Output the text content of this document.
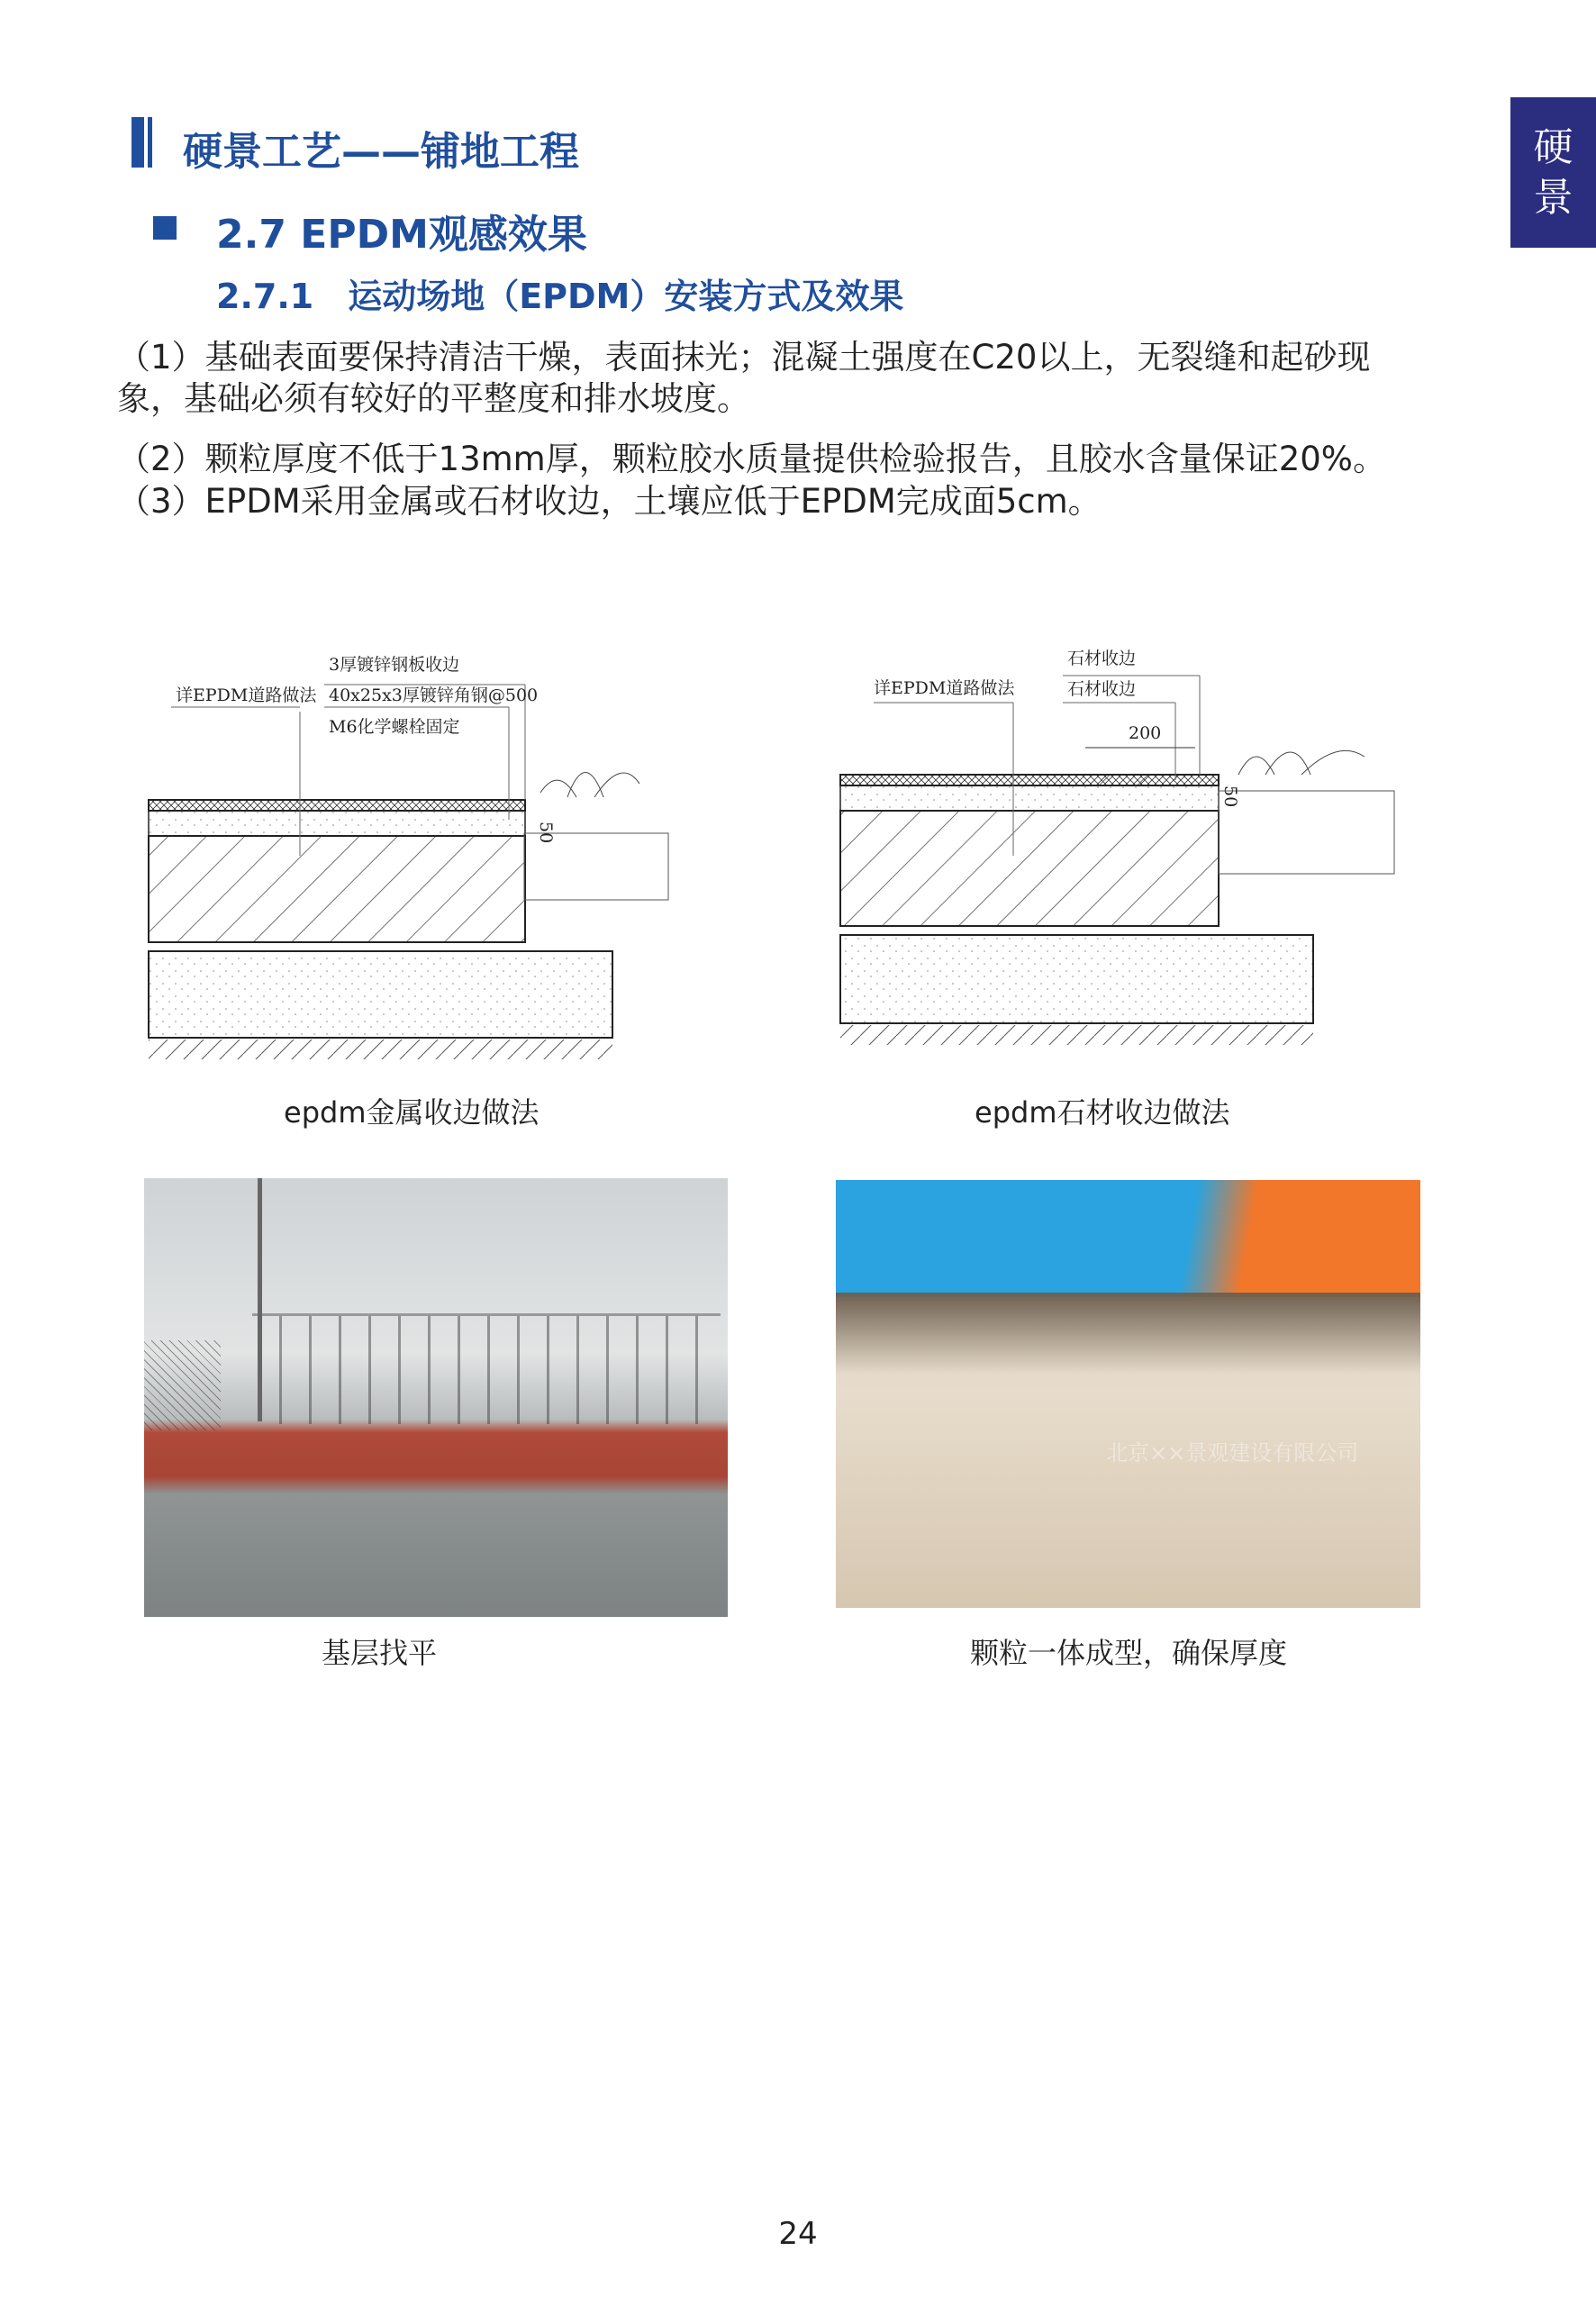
硬景工艺——铺地工程	硬
景
2.7 EPDM观感效果
2.7.1　运动场地（EPDM）安装方式及效果
（1）基础表面要保持清洁干燥，表面抹光；混凝土强度在C20以上，无裂缝和起砂现
象，基础必须有较好的平整度和排水坡度。
（2）颗粒厚度不低于13mm厚，颗粒胶水质量提供检验报告，且胶水含量保证20%。
（3）EPDM采用金属或石材收边，土壤应低于EPDM完成面5cm。
详EPDM道路做法
3厚镀锌钢板收边
40x25x3厚镀锌角钢@500
M6化学螺栓固定
50
详EPDM道路做法
石材收边
石材收边
200
50
epdm金属收边做法	epdm石材收边做法
北京××景观建设有限公司
基层找平	颗粒一体成型，确保厚度
24
